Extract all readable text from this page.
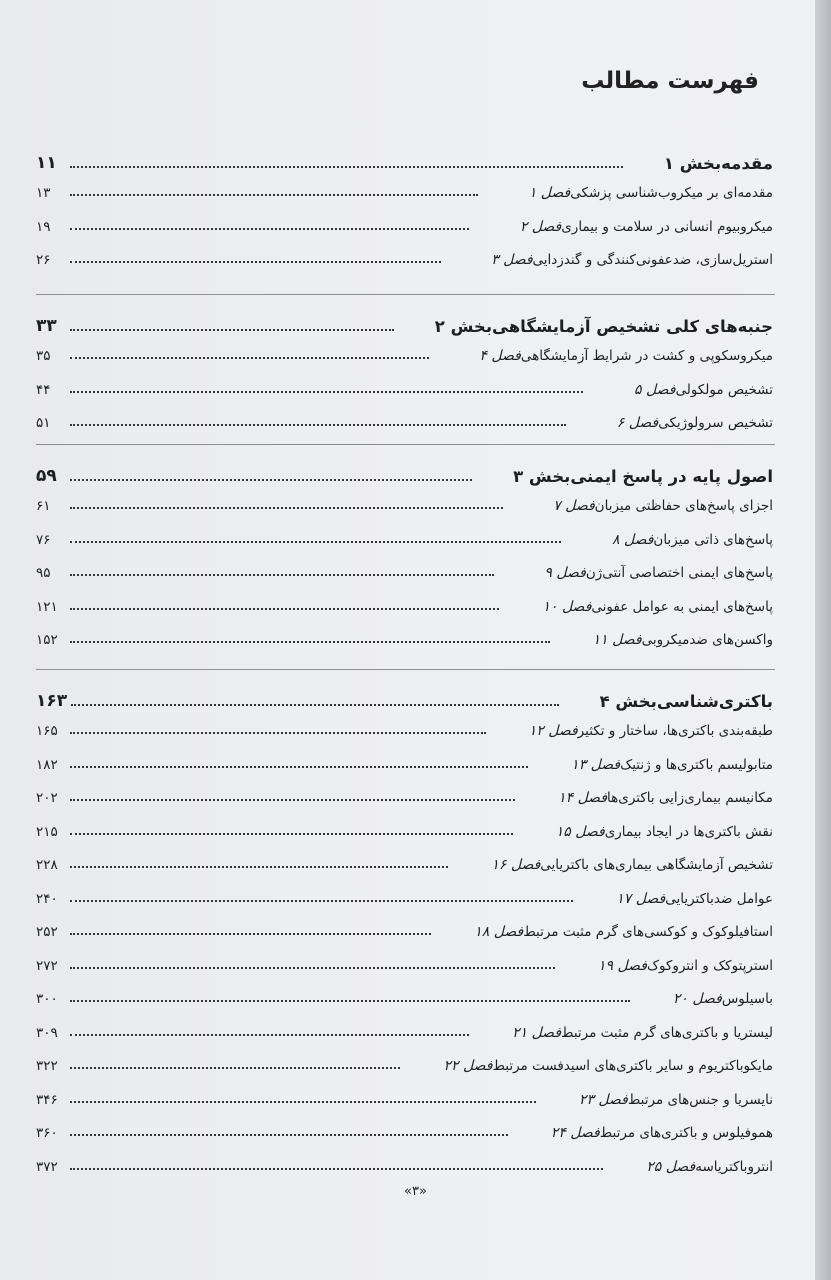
فهرست مطالب
بخش ۱ مقدمه
۱۱
فصل ۱ مقدمه‌ای بر میکروب‌شناسی پزشکی
۱۳
فصل ۲ میکروبیوم انسانی در سلامت و بیماری
۱۹
فصل ۳ استریل‌سازی، ضدعفونی‌کنندگی و گندزدایی
۲۶
بخش ۲ جنبه‌های کلی تشخیص آزمایشگاهی
۳۳
فصل ۴ میکروسکوپی و کشت در شرایط آزمایشگاهی
۳۵
فصل ۵ تشخیص مولکولی
۴۴
فصل ۶ تشخیص سرولوژیکی
۵۱
بخش ۳ اصول پایه در پاسخ ایمنی
۵۹
فصل ۷ اجزای پاسخ‌های حفاظتی میزبان
۶۱
فصل ۸ پاسخ‌های ذاتی میزبان
۷۶
فصل ۹ پاسخ‌های ایمنی اختصاصی آنتی‌ژن
۹۵
فصل ۱۰ پاسخ‌های ایمنی به عوامل عفونی
۱۲۱
فصل ۱۱ واکسن‌های ضدمیکروبی
۱۵۲
بخش ۴ باکتری‌شناسی
۱۶۳
فصل ۱۲ طبقه‌بندی باکتری‌ها، ساختار و تکثیر
۱۶۵
فصل ۱۳ متابولیسم باکتری‌ها و ژنتیک
۱۸۲
فصل ۱۴ مکانیسم بیماری‌زایی باکتری‌ها
۲۰۲
فصل ۱۵ نقش باکتری‌ها در ایجاد بیماری
۲۱۵
فصل ۱۶ تشخیص آزمایشگاهی بیماری‌های باکتریایی
۲۲۸
فصل ۱۷ عوامل ضدباکتریایی
۲۴۰
فصل ۱۸ استافیلوکوک و کوکسی‌های گرم مثبت مرتبط
۲۵۲
فصل ۱۹ استرپتوکک و انتروکوک
۲۷۲
فصل ۲۰ باسیلوس
۳۰۰
فصل ۲۱ لیستریا و باکتری‌های گرم مثبت مرتبط
۳۰۹
فصل ۲۲ مایکوباکتریوم و سایر باکتری‌های اسیدفست مرتبط
۳۲۲
فصل ۲۳ نایسریا و جنس‌های مرتبط
۳۴۶
فصل ۲۴ هموفیلوس و باکتری‌های مرتبط
۳۶۰
فصل ۲۵ انتروباکتریاسه
۳۷۲
«۳»
